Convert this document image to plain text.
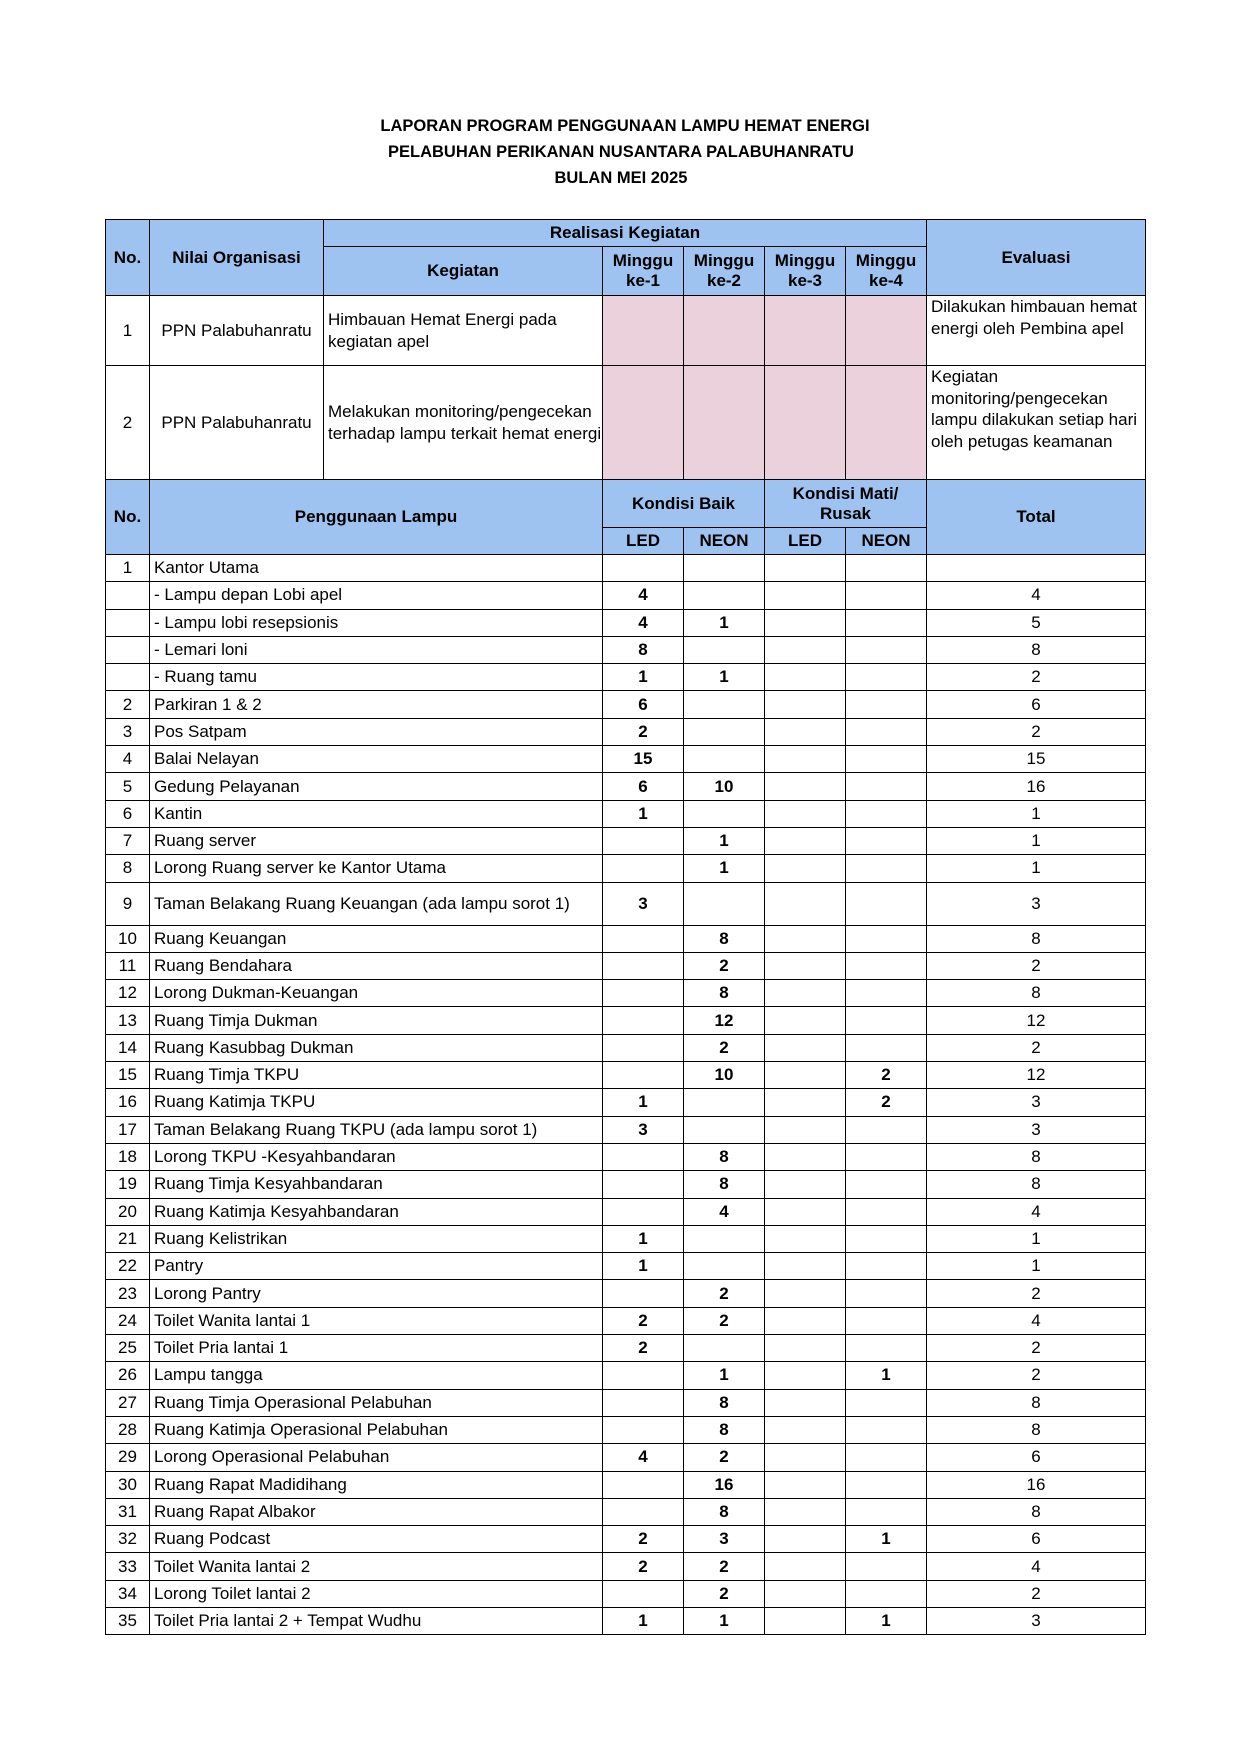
LAPORAN PROGRAM PENGGUNAAN LAMPU HEMAT ENERGI
PELABUHAN PERIKANAN NUSANTARA PALABUHANRATU
BULAN MEI 2025
No.	Nilai Organisasi	Realisasi Kegiatan					Evaluasi
		Kegiatan	Minggu ke-1	Minggu ke-2	Minggu ke-3	Minggu ke-4	
1	PPN Palabuhanratu	Himbauan Hemat Energi pada kegiatan apel					Dilakukan himbauan hemat energi oleh Pembina apel
2	PPN Palabuhanratu	Melakukan monitoring/pengecekan terhadap lampu terkait hemat energi					Kegiatan monitoring/pengecekan lampu dilakukan setiap hari oleh petugas keamanan
No.	Penggunaan Lampu		Kondisi Baik		Kondisi Mati/ Rusak		Total
			LED	NEON	LED	NEON	
1	Kantor Utama						
	- Lampu depan Lobi apel		4				4
	- Lampu lobi resepsionis		4	1			5
	- Lemari loni		8				8
	- Ruang tamu		1	1			2
2	Parkiran 1 & 2		6				6
3	Pos Satpam		2				2
4	Balai Nelayan		15				15
5	Gedung Pelayanan		6	10			16
6	Kantin		1				1
7	Ruang server			1			1
8	Lorong Ruang server ke Kantor Utama			1			1
9	Taman Belakang Ruang Keuangan (ada lampu sorot 1)		3				3
10	Ruang Keuangan			8			8
11	Ruang Bendahara			2			2
12	Lorong Dukman-Keuangan			8			8
13	Ruang Timja Dukman			12			12
14	Ruang Kasubbag Dukman			2			2
15	Ruang Timja TKPU			10		2	12
16	Ruang Katimja TKPU		1			2	3
17	Taman Belakang Ruang TKPU (ada lampu sorot 1)		3				3
18	Lorong TKPU -Kesyahbandaran			8			8
19	Ruang Timja Kesyahbandaran			8			8
20	Ruang Katimja Kesyahbandaran			4			4
21	Ruang Kelistrikan		1				1
22	Pantry		1				1
23	Lorong Pantry			2			2
24	Toilet Wanita lantai 1		2	2			4
25	Toilet Pria lantai 1		2				2
26	Lampu tangga			1		1	2
27	Ruang Timja Operasional Pelabuhan			8			8
28	Ruang Katimja Operasional Pelabuhan			8			8
29	Lorong Operasional Pelabuhan		4	2			6
30	Ruang Rapat Madidihang			16			16
31	Ruang Rapat Albakor			8			8
32	Ruang Podcast		2	3		1	6
33	Toilet Wanita lantai 2		2	2			4
34	Lorong Toilet lantai 2			2			2
35	Toilet Pria lantai 2 + Tempat Wudhu		1	1		1	3
